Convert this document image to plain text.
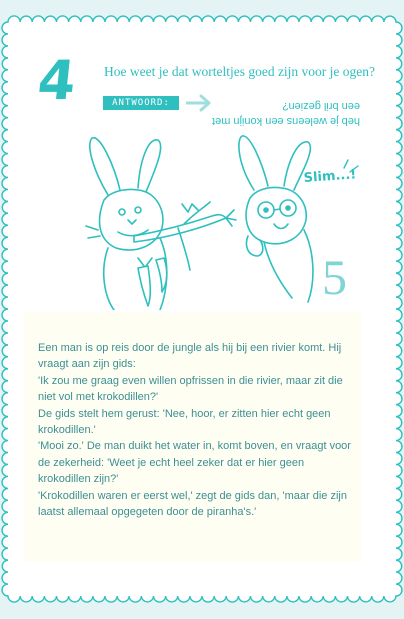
4 Hoe weet je dat worteltjes goed zijn voor je ogen?
ANTWOORD:
heb je weleens een konijn met
een bril gezien?
Slim...!
5

Een man is op reis door de jungle als hij bij een rivier komt. Hij vraagt aan zijn gids:

'Ik zou me graag even willen opfrissen in die rivier, maar zit die niet vol met krokodillen?'

De gids stelt hem gerust: 'Nee, hoor, er zitten hier echt geen krokodillen.'

'Mooi zo.' De man duikt het water in, komt boven, en vraagt voor de zekerheid: 'Weet je echt heel zeker dat er hier geen krokodillen zijn?'

'Krokodillen waren er eerst wel,' zegt de gids dan, 'maar die zijn laatst allemaal opgegeten door de piranha's.'
